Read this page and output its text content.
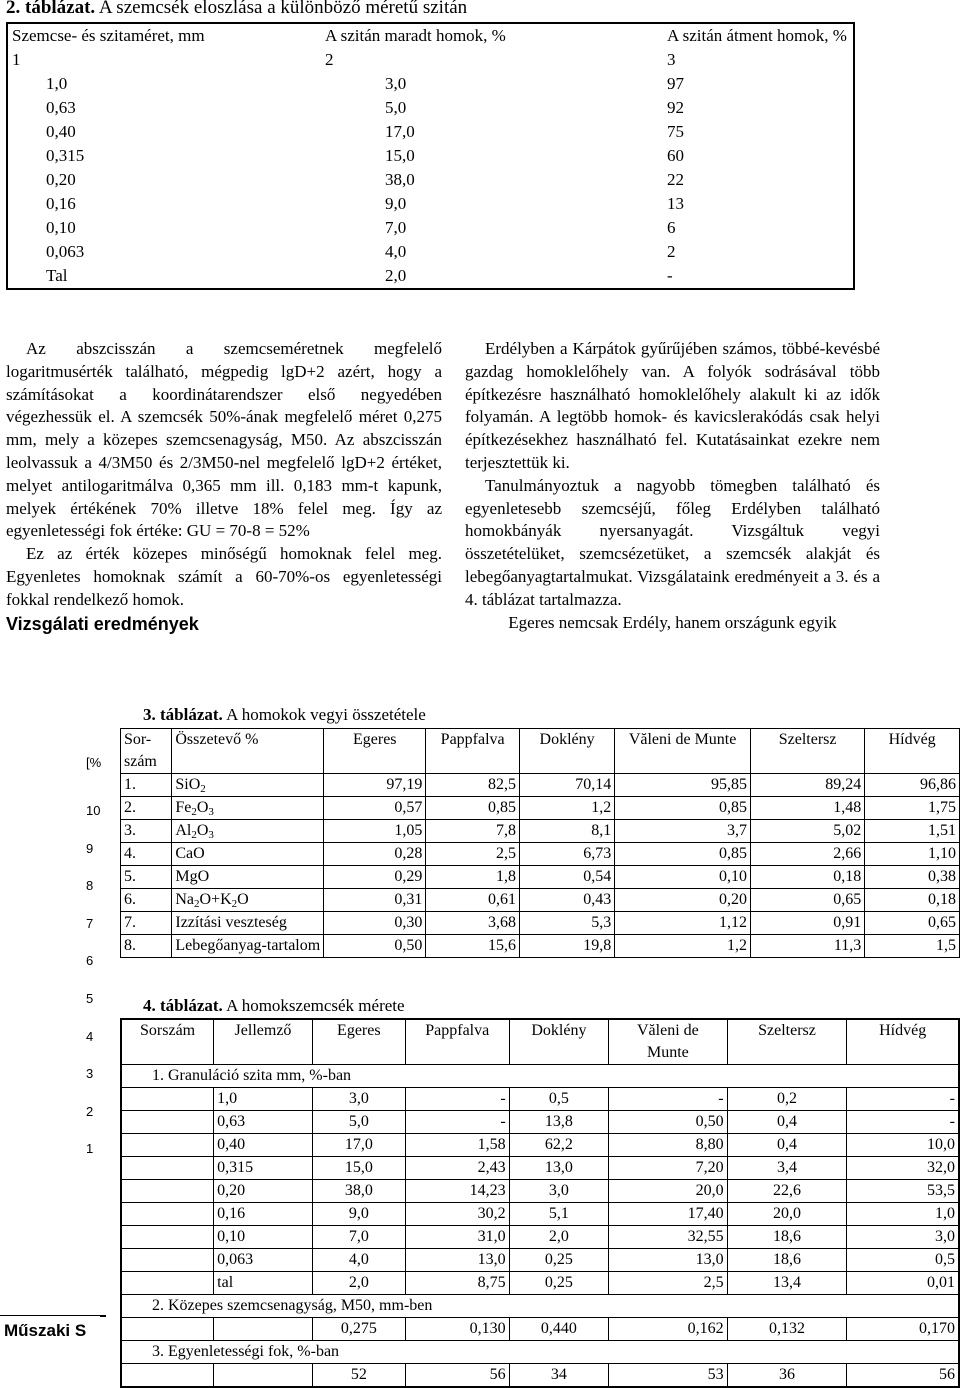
2. táblázat. A szemcsék eloszlása a különböző méretű szitán
Szemcse- és szitaméret, mm	A szitán maradt homok, %	A szitán átment homok, %
1	2	3
1,0	3,0	97
0,63	5,0	92
0,40	17,0	75
0,315	15,0	60
0,20	38,0	22
0,16	9,0	13
0,10	7,0	6
0,063	4,0	2
Tal	2,0	-

Az abszcisszán a szemcseméretnek megfelelő logaritmusérték található, mégpedig lgD+2 azért, hogy a számításokat a koordinátarendszer első negyedében végezhessük el. A szemcsék 50%-ának megfelelő méret 0,275 mm, mely a közepes szemcsenagyság, M50. Az abszcisszán leolvassuk a 4/3M50 és 2/3M50-nel megfelelő lgD+2 értéket, melyet antilogaritmálva 0,365 mm ill. 0,183 mm-t kapunk, melyek értékének 70% illetve 18% felel meg. Így az egyenletességi fok értéke: GU = 70-8 = 52%

Ez az érték közepes minőségű homoknak felel meg. Egyenletes homoknak számít a 60-70%-os egyenletességi fokkal rendelkező homok.

Vizsgálati eredmények

Erdélyben a Kárpátok gyűrűjében számos, többé-kevésbé gazdag homoklelőhely van. A folyók sodrásával több építkezésre használható homoklelőhely alakult ki az idők folyamán. A legtöbb homok- és kavicslerakódás csak helyi építkezésekhez használható fel. Kutatásainkat ezekre nem terjesztettük ki.

Tanulmányoztuk a nagyobb tömegben található és egyenletesebb szemcséjű, főleg Erdélyben található homokbányák nyersanyagát. Vizsgáltuk vegyi összetételüket, szemcsézetüket, a szemcsék alakját és lebegőanyagtartalmukat. Vizsgálataink eredményeit a 3. és a 4. táblázat tartalmazza.

Egeres nemcsak Erdély, hanem országunk egyik

[%
10
9
8
7
6
5
4
3
2
1
Műszaki S
3. táblázat. A homokok vegyi összetétele
Sor-
szám	Összetevő %	Egeres	Pappfalva	Doklény	Văleni de Munte	Szeltersz	Hídvég
1.	SiO$_2$	97,19	82,5	70,14	95,85	89,24	96,86
2.	$Fe_2O_3$	0,57	0,85	1,2	0,85	1,48	1,75
3.	$Al_2O_3$	1,05	7,8	8,1	3,7	5,02	1,51
4.	CaO	0,28	2,5	6,73	0,85	2,66	1,10
5.	MgO	0,29	1,8	0,54	0,10	0,18	0,38
6.	$Na_2O+K_2O$	0,31	0,61	0,43	0,20	0,65	0,18
7.	Izzítási veszteség	0,30	3,68	5,3	1,12	0,91	0,65
8.	Lebegőanyag-tartalom	0,50	15,6	19,8	1,2	11,3	1,5
4. táblázat. A homokszemcsék mérete
Sorszám	Jellemző	Egeres	Pappfalva	Doklény	Văleni de
Munte	Szeltersz	Hídvég
1. Granuláció szita mm, %-ban							
	1,0	3,0	-	0,5	-	0,2	-
	0,63	5,0	-	13,8	0,50	0,4	-
	0,40	17,0	1,58	62,2	8,80	0,4	10,0
	0,315	15,0	2,43	13,0	7,20	3,4	32,0
	0,20	38,0	14,23	3,0	20,0	22,6	53,5
	0,16	9,0	30,2	5,1	17,40	20,0	1,0
	0,10	7,0	31,0	2,0	32,55	18,6	3,0
	0,063	4,0	13,0	0,25	13,0	18,6	0,5
	tal	2,0	8,75	0,25	2,5	13,4	0,01
2. Közepes szemcsenagyság, M50, mm-ben							
		0,275	0,130	0,440	0,162	0,132	0,170
3. Egyenletességi fok, %-ban							
		52	56	34	53	36	56
